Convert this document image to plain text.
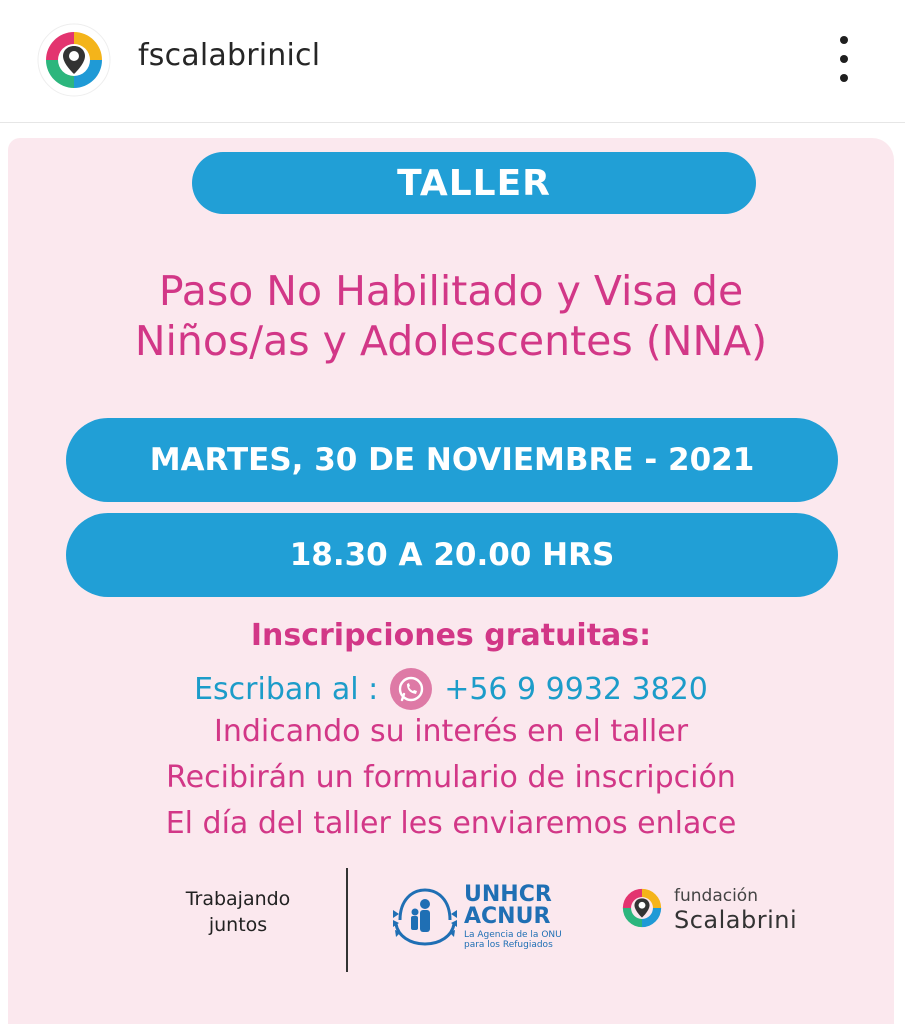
fscalabrinicl
TALLER
Paso No Habilitado y Visa de
Niños/as y Adolescentes (NNA)
MARTES, 30 DE NOVIEMBRE - 2021
18.30 A 20.00 HRS
Inscripciones gratuitas:
Escriban al : +56 9 9932 3820
Indicando su interés en el taller
Recibirán un formulario de inscripción
El día del taller les enviaremos enlace
Trabajando
juntos
UNHCR
ACNUR
La Agencia de la ONU
para los Refugiados
fundación
Scalabrini
